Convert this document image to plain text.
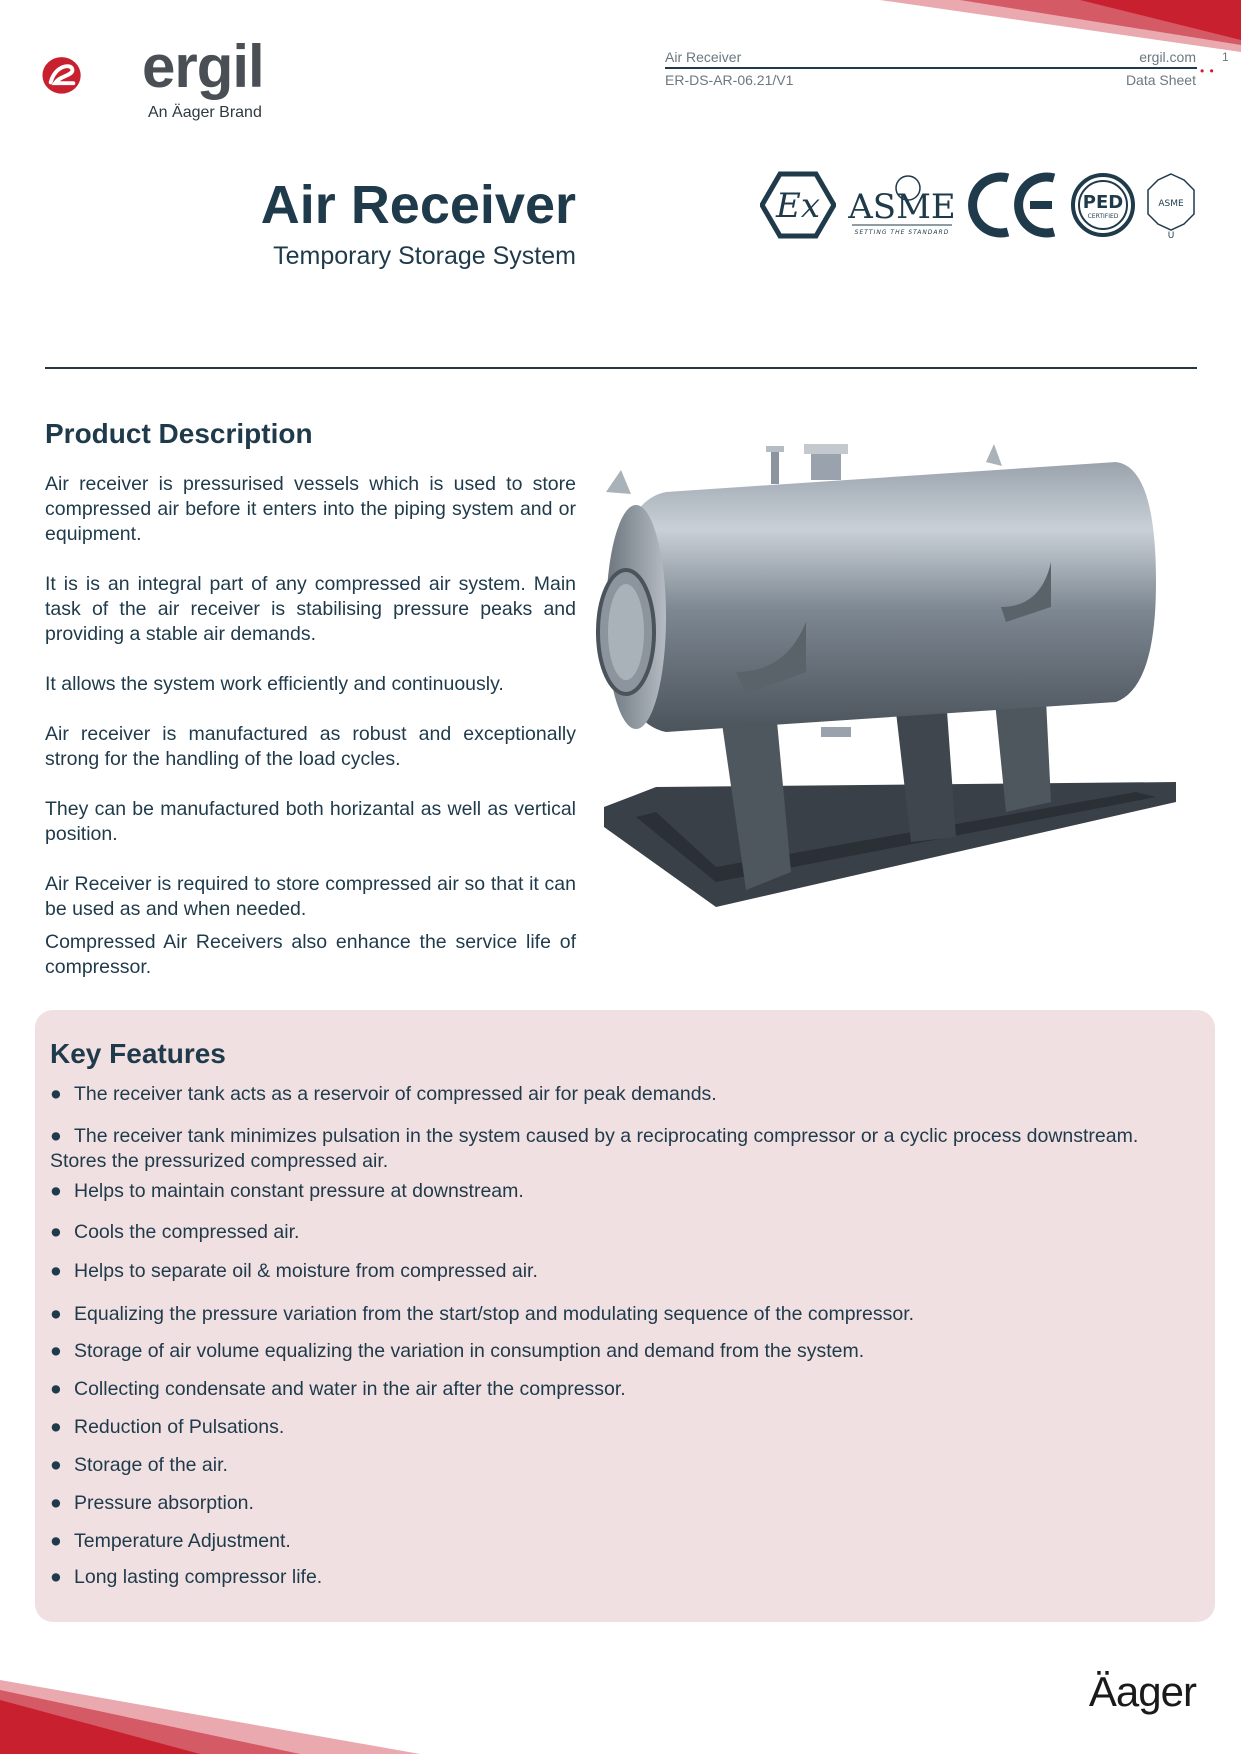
ergil
An Äager Brand
Air Receiver
ER-DS-AR-06.21/V1
ergil.com
Data Sheet
1
• •
Air Receiver
Temporary Storage System
Ex ASME
SETTING THE STANDARD
PED
CERTIFIED
ASME
U
Product Description
Air receiver is pressurised vessels which is used to store compressed air before it enters into the piping system and or equipment.
It is is an integral part of any compressed air system. Main task of the air receiver is stabilising pressure peaks and providing a stable air demands.
It allows the system work efficiently and continuously.
Air receiver is manufactured as robust and exceptionally strong for the handling of the load cycles.
They can be manufactured both horizantal as well as vertical position.
Air Receiver is required to store compressed air so that it can be used as and when needed.
Compressed Air Receivers also enhance the service life of compressor.
Key Features
● The receiver tank acts as a reservoir of compressed air for peak demands.
● The receiver tank minimizes pulsation in the system caused by a reciprocating compressor or a cyclic process downstream. Stores the pressurized compressed air.
● Helps to maintain constant pressure at downstream.
● Cools the compressed air.
● Helps to separate oil & moisture from compressed air.
● Equalizing the pressure variation from the start/stop and modulating sequence of the compressor.
● Storage of air volume equalizing the variation in consumption and demand from the system.
● Collecting condensate and water in the air after the compressor.
● Reduction of Pulsations.
● Storage of the air.
● Pressure absorption.
● Temperature Adjustment.
● Long lasting compressor life.
Äager
